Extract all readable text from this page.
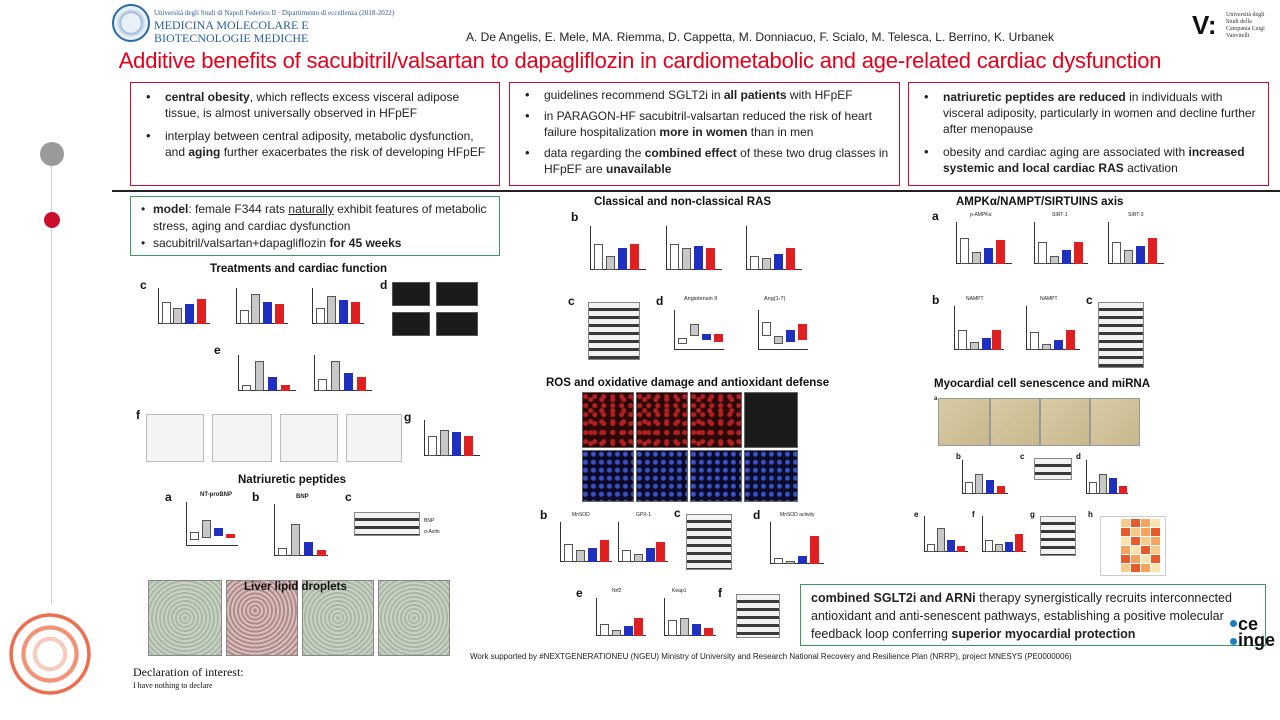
Università degli Studi di Napoli Federico II · Dipartimento di eccellenza (2018-2022)
MEDICINA MOLECOLARE E
BIOTECNOLOGIE MEDICHE	A. De Angelis, E. Mele, MA. Riemma, D. Cappetta, M. Donniacuo, F. Scialo, M. Telesca, L. Berrino, K. Urbanek	V: Università degli Studi della Campania Luigi Vanvitelli
Additive benefits of sacubitril/valsartan to dapagliflozin in cardiometabolic and age-related cardiac dysfunction
• central obesity, which reflects excess visceral adipose tissue, is almost universally observed in HFpEF
• interplay between central adiposity, metabolic dysfunction, and aging further exacerbates the risk of developing HFpEF
• guidelines recommend SGLT2i in all patients with HFpEF
• in PARAGON-HF sacubitril-valsartan reduced the risk of heart failure hospitalization more in women than in men
• data regarding the combined effect of these two drug classes in HFpEF are unavailable
• natriuretic peptides are reduced in individuals with visceral adiposity, particularly in women and decline further after menopause
• obesity and cardiac aging are associated with increased systemic and local cardiac RAS activation
• model: female F344 rats naturally exhibit features of metabolic stress, aging and cardiac dysfunction
• sacubitril/valsartan+dapagliflozin for 45 weeks
Treatments and cardiac function
c	d
e
f	g
Natriuretic peptides
a	NT-proBNP b	BNP	c
BNP
α-Actin
Liver lipid droplets
Classical and non-classical RAS
b
c	d	Angiotensin II	Ang(1-7)
ROS and oxidative damage and antioxidant defense
b	MnSOD	GPX-1 c	d	MnSOD activity
e	Nrf2	Keap1	f
AMPKα/NAMPT/SIRTUINS axis
a	p-AMPKα	SIRT-1	SIRT-3
b	NAMPT	NAMPT c
Myocardial cell senescence and miRNA
a
b	c	d
e	f	g	h
combined SGLT2i and ARNi therapy synergistically recruits interconnected antioxidant and anti-senescent pathways, establishing a positive molecular feedback loop conferring superior myocardial protection	ce
inge
Work supported by #NEXTGENERATIONEU (NGEU) Ministry of University and Research National Recovery and Resilience Plan (NRRP), project MNESYS (PE0000006)
Declaration of interest:
I have nothing to declare
